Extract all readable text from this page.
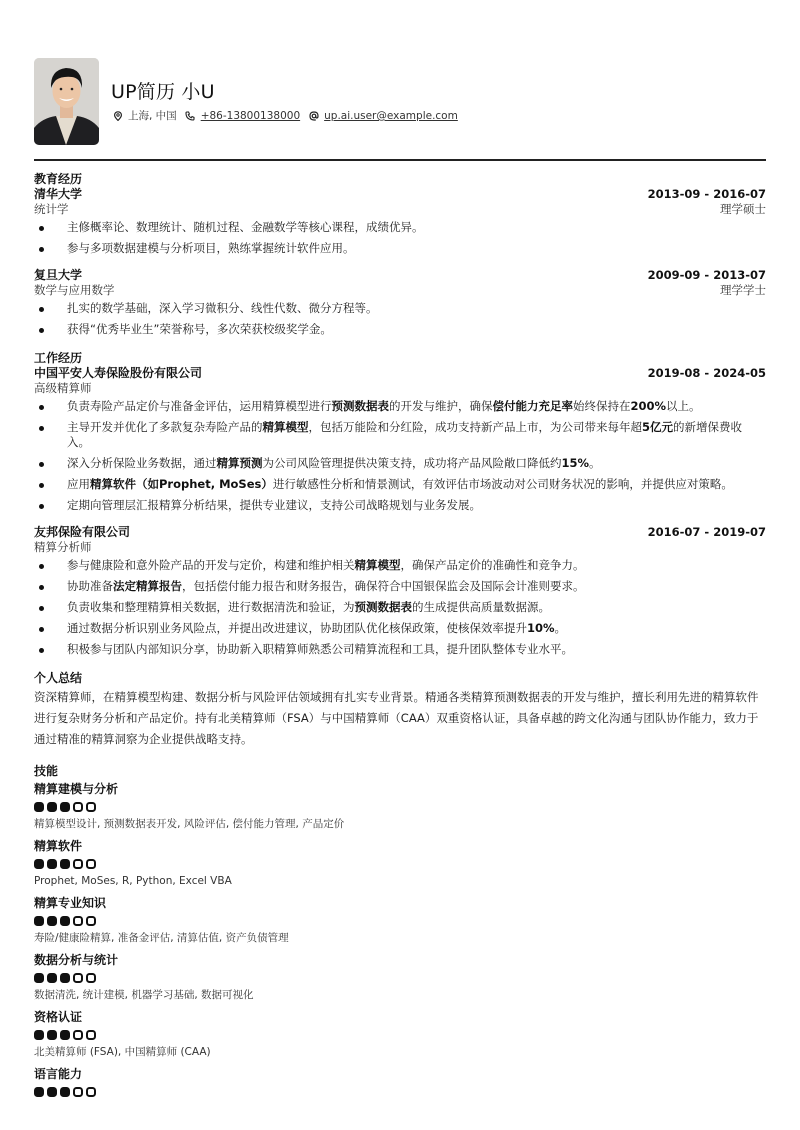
UP简历 小U
上海, 中国 +86-13800138000 up.ai.user@example.com
教育经历
清华大学	2013-09 - 2016-07
统计学	理学硕士
主修概率论、数理统计、随机过程、金融数学等核心课程，成绩优异。
参与多项数据建模与分析项目，熟练掌握统计软件应用。
复旦大学	2009-09 - 2013-07
数学与应用数学	理学学士
扎实的数学基础，深入学习微积分、线性代数、微分方程等。
获得“优秀毕业生”荣誉称号，多次荣获校级奖学金。
工作经历
中国平安人寿保险股份有限公司	2019-08 - 2024-05
高级精算师
负责寿险产品定价与准备金评估，运用精算模型进行预测数据表的开发与维护，确保偿付能力充足率始终保持在200%以上。
主导开发并优化了多款复杂寿险产品的精算模型，包括万能险和分红险，成功支持新产品上市，为公司带来每年超5亿元的新增保费收入。
深入分析保险业务数据，通过精算预测为公司风险管理提供决策支持，成功将产品风险敞口降低约15%。
应用精算软件（如Prophet, MoSes）进行敏感性分析和情景测试，有效评估市场波动对公司财务状况的影响，并提供应对策略。
定期向管理层汇报精算分析结果，提供专业建议，支持公司战略规划与业务发展。
友邦保险有限公司	2016-07 - 2019-07
精算分析师
参与健康险和意外险产品的开发与定价，构建和维护相关精算模型，确保产品定价的准确性和竞争力。
协助准备法定精算报告，包括偿付能力报告和财务报告，确保符合中国银保监会及国际会计准则要求。
负责收集和整理精算相关数据，进行数据清洗和验证，为预测数据表的生成提供高质量数据源。
通过数据分析识别业务风险点，并提出改进建议，协助团队优化核保政策，使核保效率提升10%。
积极参与团队内部知识分享，协助新入职精算师熟悉公司精算流程和工具，提升团队整体专业水平。
个人总结
资深精算师，在精算模型构建、数据分析与风险评估领域拥有扎实专业背景。精通各类精算预测数据表的开发与维护，擅长利用先进的精算软件进行复杂财务分析和产品定价。持有北美精算师（FSA）与中国精算师（CAA）双重资格认证，具备卓越的跨文化沟通与团队协作能力，致力于通过精准的精算洞察为企业提供战略支持。
技能
精算建模与分析
精算模型设计, 预测数据表开发, 风险评估, 偿付能力管理, 产品定价
精算软件
Prophet, MoSes, R, Python, Excel VBA
精算专业知识
寿险/健康险精算, 准备金评估, 清算估值, 资产负债管理
数据分析与统计
数据清洗, 统计建模, 机器学习基础, 数据可视化
资格认证
北美精算师 (FSA), 中国精算师 (CAA)
语言能力
